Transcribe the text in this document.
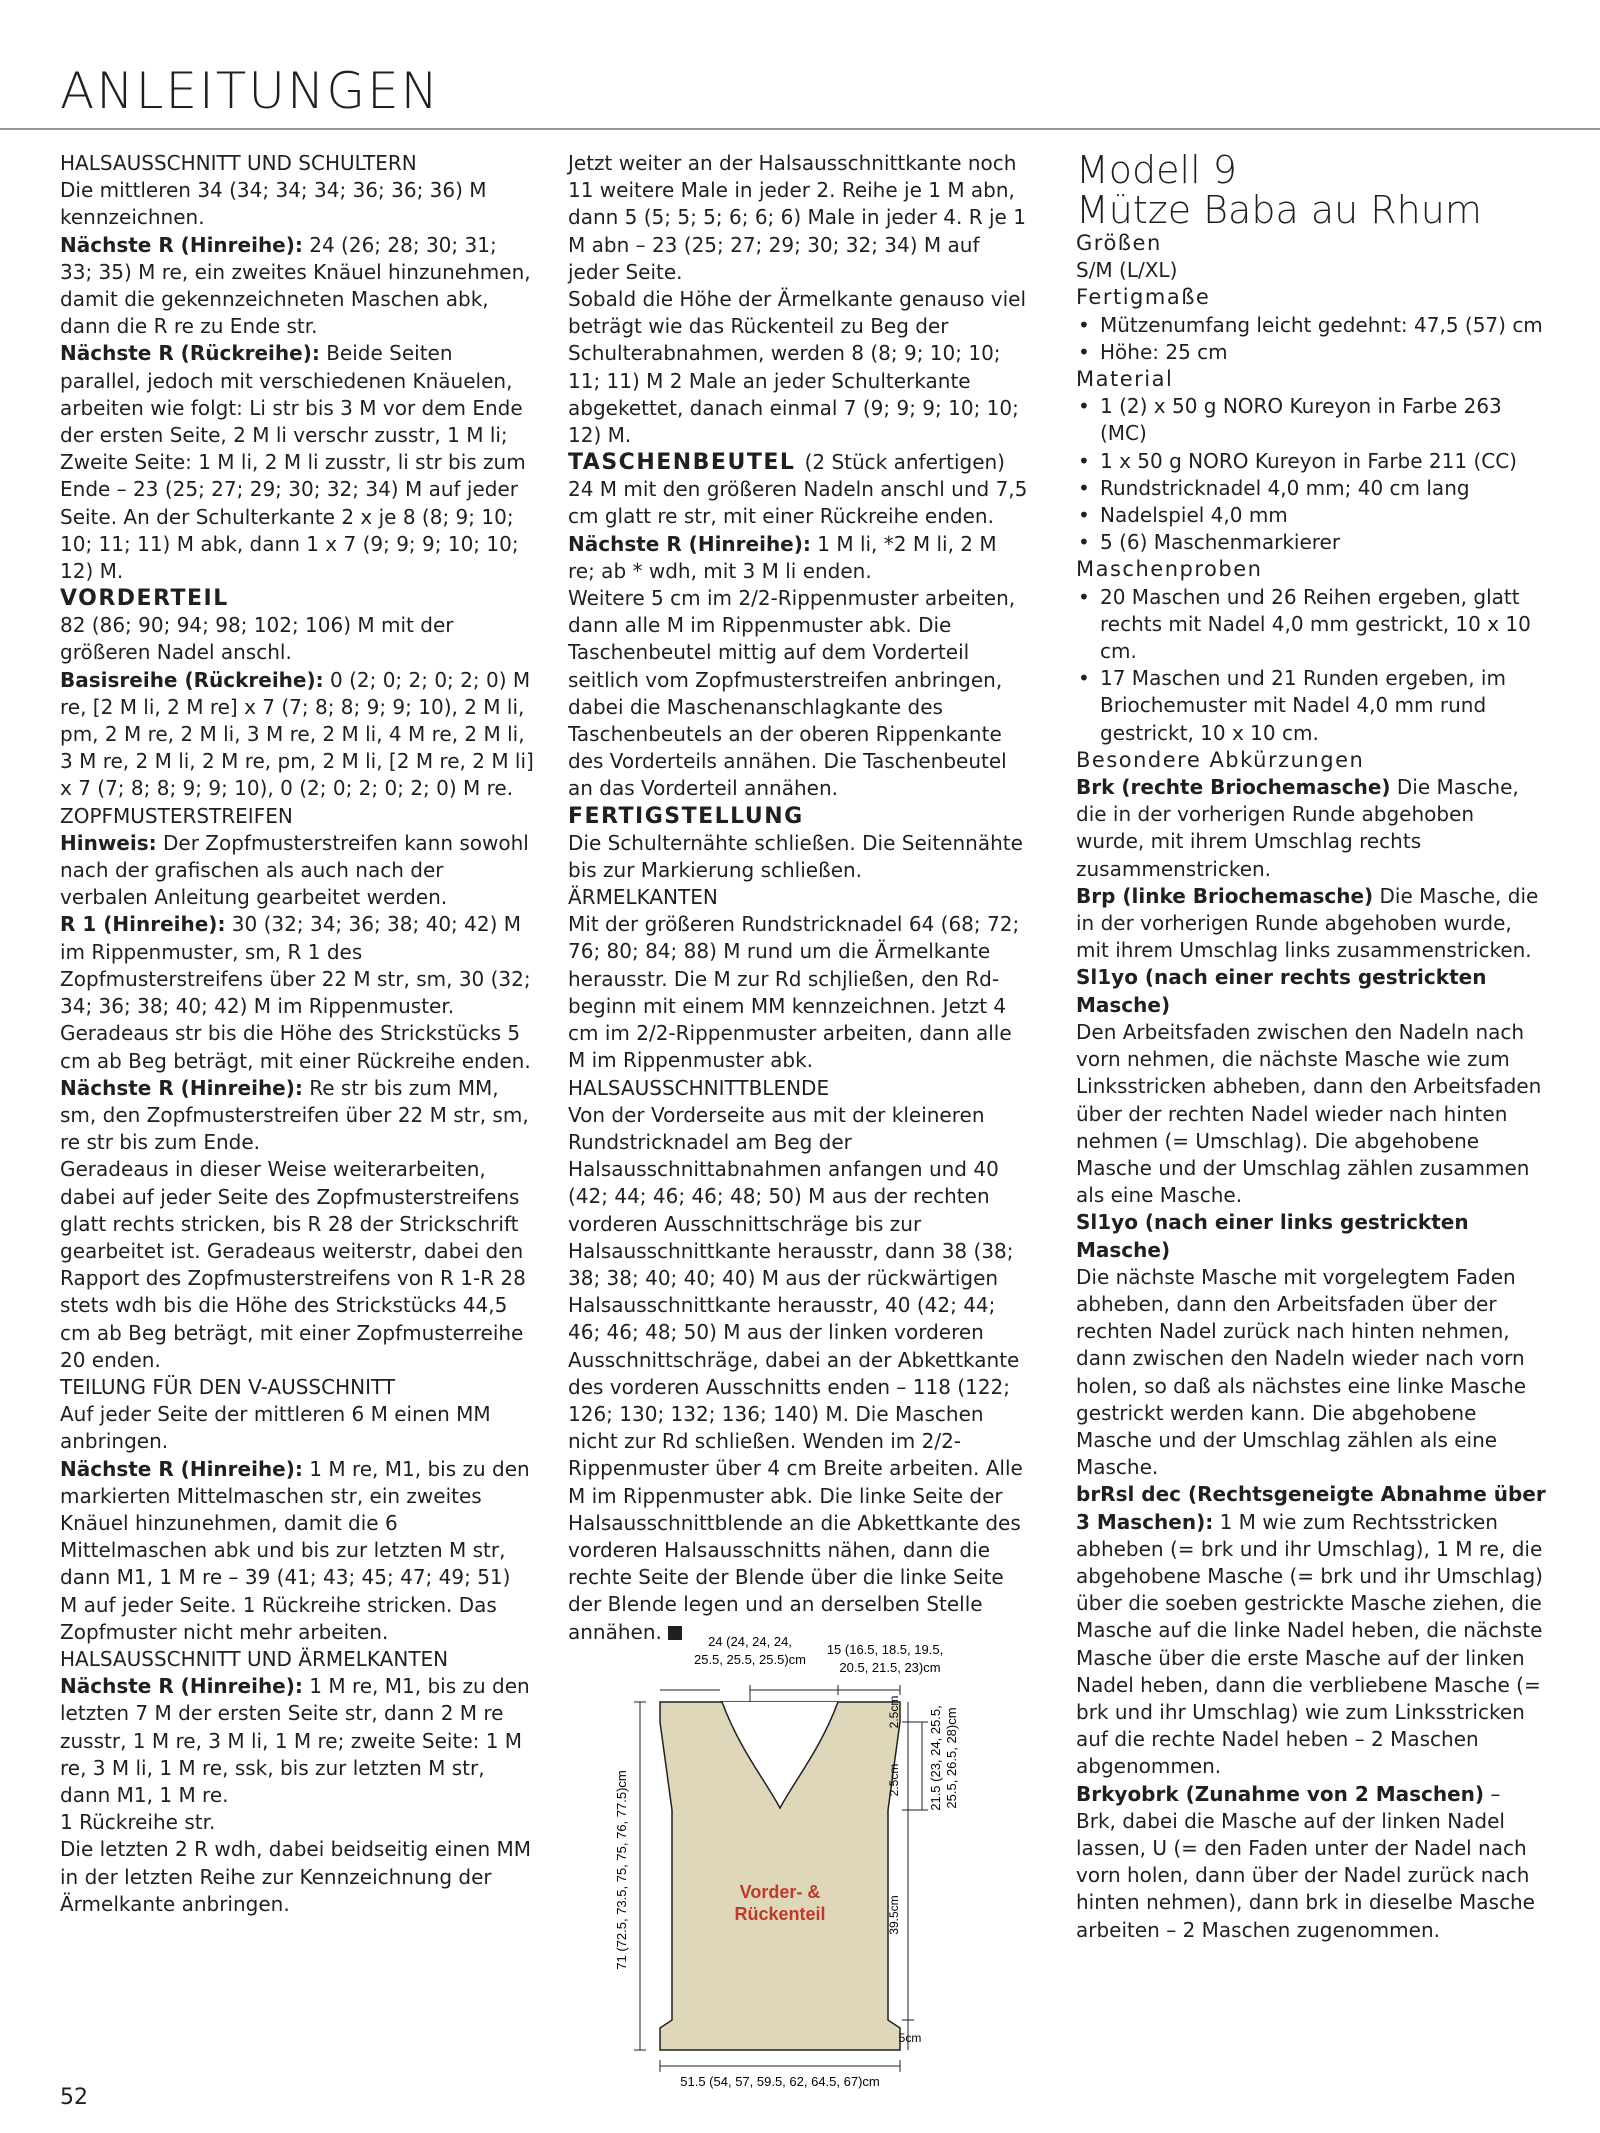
ANLEITUNGEN

HALSAUSSCHNITT UND SCHULTERN

Die mittleren 34 (34; 34; 34; 36; 36; 36) M kennzeichnen.

Nächste R (Hinreihe): 24 (26; 28; 30; 31; 33; 35) M re, ein zweites Knäuel hinzunehmen, damit die gekennzeichneten Maschen abk, dann die R re zu Ende str.

Nächste R (Rückreihe): Beide Seiten parallel, jedoch mit verschiedenen Knäuelen, arbeiten wie folgt: Li str bis 3 M vor dem Ende der ersten Seite, 2 M li verschr zusstr, 1 M li; Zweite Seite: 1 M li, 2 M li zusstr, li str bis zum Ende – 23 (25; 27; 29; 30; 32; 34) M auf jeder Seite. An der Schulterkante 2 x je 8 (8; 9; 10; 10; 11; 11) M abk, dann 1 x 7 (9; 9; 9; 10; 10; 12) M.

VORDERTEIL

82 (86; 90; 94; 98; 102; 106) M mit der größeren Nadel anschl.

Basisreihe (Rückreihe): 0 (2; 0; 2; 0; 2; 0) M re, [2 M li, 2 M re] x 7 (7; 8; 8; 9; 9; 10), 2 M li, pm, 2 M re, 2 M li, 3 M re, 2 M li, 4 M re, 2 M li, 3 M re, 2 M li, 2 M re, pm, 2 M li, [2 M re, 2 M li] x 7 (7; 8; 8; 9; 9; 10), 0 (2; 0; 2; 0; 2; 0) M re.

ZOPFMUSTERSTREIFEN

Hinweis: Der Zopfmusterstreifen kann sowohl nach der grafischen als auch nach der verbalen Anleitung gearbeitet werden.

R 1 (Hinreihe): 30 (32; 34; 36; 38; 40; 42) M im Rippenmuster, sm, R 1 des Zopfmusterstreifens über 22 M str, sm, 30 (32; 34; 36; 38; 40; 42) M im Rippenmuster. Geradeaus str bis die Höhe des Strickstücks 5 cm ab Beg beträgt, mit einer Rückreihe enden.

Nächste R (Hinreihe): Re str bis zum MM, sm, den Zopfmusterstreifen über 22 M str, sm, re str bis zum Ende.

Geradeaus in dieser Weise weiterarbeiten, dabei auf jeder Seite des Zopfmusterstreifens glatt rechts stricken, bis R 28 der Strickschrift gearbeitet ist. Geradeaus weiterstr, dabei den Rapport des Zopfmusterstreifens von R 1-R 28 stets wdh bis die Höhe des Strickstücks 44,5 cm ab Beg beträgt, mit einer Zopfmusterreihe 20 enden.

TEILUNG FÜR DEN V-AUSSCHNITT

Auf jeder Seite der mittleren 6 M einen MM anbringen.

Nächste R (Hinreihe): 1 M re, M1, bis zu den markierten Mittelmaschen str, ein zweites Knäuel hinzunehmen, damit die 6 Mittelmaschen abk und bis zur letzten M str, dann M1, 1 M re – 39 (41; 43; 45; 47; 49; 51) M auf jeder Seite. 1 Rückreihe stricken. Das Zopfmuster nicht mehr arbeiten.

HALSAUSSCHNITT UND ÄRMELKANTEN

Nächste R (Hinreihe): 1 M re, M1, bis zu den letzten 7 M der ersten Seite str, dann 2 M re zusstr, 1 M re, 3 M li, 1 M re; zweite Seite: 1 M re, 3 M li, 1 M re, ssk, bis zur letzten M str, dann M1, 1 M re.

1 Rückreihe str.

Die letzten 2 R wdh, dabei beidseitig einen MM in der letzten Reihe zur Kennzeichnung der Ärmelkante anbringen.

Jetzt weiter an der Halsausschnittkante noch 11 weitere Male in jeder 2. Reihe je 1 M abn, dann 5 (5; 5; 5; 6; 6; 6) Male in jeder 4. R je 1 M abn – 23 (25; 27; 29; 30; 32; 34) M auf jeder Seite.

Sobald die Höhe der Ärmelkante genauso viel beträgt wie das Rückenteil zu Beg der Schulterabnahmen, werden 8 (8; 9; 10; 10; 11; 11) M 2 Male an jeder Schulterkante abgekettet, danach einmal 7 (9; 9; 9; 10; 10; 12) M.

TASCHENBEUTEL (2 Stück anfertigen)

24 M mit den größeren Nadeln anschl und 7,5 cm glatt re str, mit einer Rückreihe enden.

Nächste R (Hinreihe): 1 M li, *2 M li, 2 M re; ab * wdh, mit 3 M li enden.

Weitere 5 cm im 2/2-Rippenmuster arbeiten, dann alle M im Rippenmuster abk. Die Taschenbeutel mittig auf dem Vorderteil seitlich vom Zopfmusterstreifen anbringen, dabei die Maschenanschlagkante des Taschenbeutels an der oberen Rippenkante des Vorderteils annähen. Die Taschenbeutel an das Vorderteil annähen.

FERTIGSTELLUNG

Die Schulternähte schließen. Die Seitennähte bis zur Markierung schließen.

ÄRMELKANTEN

Mit der größeren Rundstricknadel 64 (68; 72; 76; 80; 84; 88) M rund um die Ärmelkante herausstr. Die M zur Rd schjließen, den Rd-beginn mit einem MM kennzeichnen. Jetzt 4 cm im 2/2-Rippenmuster arbeiten, dann alle M im Rippenmuster abk.

HALSAUSSCHNITTBLENDE

Von der Vorderseite aus mit der kleineren Rundstricknadel am Beg der Halsausschnittabnahmen anfangen und 40 (42; 44; 46; 46; 48; 50) M aus der rechten vorderen Ausschnittschräge bis zur Halsausschnittkante herausstr, dann 38 (38; 38; 38; 40; 40; 40) M aus der rückwärtigen Halsausschnittkante herausstr, 40 (42; 44; 46; 46; 48; 50) M aus der linken vorderen Ausschnittschräge, dabei an der Abkettkante des vorderen Ausschnitts enden – 118 (122; 126; 130; 132; 136; 140) M. Die Maschen nicht zur Rd schließen. Wenden im 2/2-Rippenmuster über 4 cm Breite arbeiten. Alle M im Rippenmuster abk. Die linke Seite der Halsausschnittblende an die Abkettkante des vorderen Halsausschnitts nähen, dann die rechte Seite der Blende über die linke Seite der Blende legen und an derselben Stelle annähen.	24 (24, 24, 24,
25.5, 25.5, 25.5)cm
15 (16.5, 18.5, 19.5,
20.5, 21.5, 23)cm
71 (72.5, 73.5, 75, 75, 76, 77.5)cm
2.5cm
2.5cm 21.5 (23, 24, 25.5, 25.5, 26.5, 28)cm
39.5cm
5cm
51.5 (54, 57, 59.5, 62, 64.5, 67)cm
Vorder- &
Rückenteil

Modell 9
Mütze Baba au Rhum

Größen

S/M (L/XL)

Fertigmaße

• Mützenumfang leicht gedehnt: 47,5 (57) cm
• Höhe: 25 cm

Material

• 1 (2) x 50 g NORO Kureyon in Farbe 263 (MC)
• 1 x 50 g NORO Kureyon in Farbe 211 (CC)
• Rundstricknadel 4,0 mm; 40 cm lang
• Nadelspiel 4,0 mm
• 5 (6) Maschenmarkierer

Maschenproben

• 20 Maschen und 26 Reihen ergeben, glatt rechts mit Nadel 4,0 mm gestrickt, 10 x 10 cm.
• 17 Maschen und 21 Runden ergeben, im Briochemuster mit Nadel 4,0 mm rund gestrickt, 10 x 10 cm.

Besondere Abkürzungen

Brk (rechte Briochemasche) Die Masche, die in der vorherigen Runde abgehoben wurde, mit ihrem Umschlag rechts zusammenstricken.

Brp (linke Briochemasche) Die Masche, die in der vorherigen Runde abgehoben wurde, mit ihrem Umschlag links zusammenstricken.

Sl1yo (nach einer rechts gestrickten Masche)

Den Arbeitsfaden zwischen den Nadeln nach vorn nehmen, die nächste Masche wie zum Linksstricken abheben, dann den Arbeitsfaden über der rechten Nadel wieder nach hinten nehmen (= Umschlag). Die abgehobene Masche und der Umschlag zählen zusammen als eine Masche.

Sl1yo (nach einer links gestrickten Masche)

Die nächste Masche mit vorgelegtem Faden abheben, dann den Arbeitsfaden über der rechten Nadel zurück nach hinten nehmen, dann zwischen den Nadeln wieder nach vorn holen, so daß als nächstes eine linke Masche gestrickt werden kann. Die abgehobene Masche und der Umschlag zählen als eine Masche.

brRsl dec (Rechtsgeneigte Abnahme über 3 Maschen): 1 M wie zum Rechtsstricken abheben (= brk und ihr Umschlag), 1 M re, die abgehobene Masche (= brk und ihr Umschlag) über die soeben gestrickte Masche ziehen, die Masche auf die linke Nadel heben, die nächste Masche über die erste Masche auf der linken Nadel heben, dann die verbliebene Masche (= brk und ihr Umschlag) wie zum Linksstricken auf die rechte Nadel heben – 2 Maschen abgenommen.

Brkyobrk (Zunahme von 2 Maschen) – Brk, dabei die Masche auf der linken Nadel lassen, U (= den Faden unter der Nadel nach vorn holen, dann über der Nadel zurück nach hinten nehmen), dann brk in dieselbe Masche arbeiten – 2 Maschen zugenommen.

52
